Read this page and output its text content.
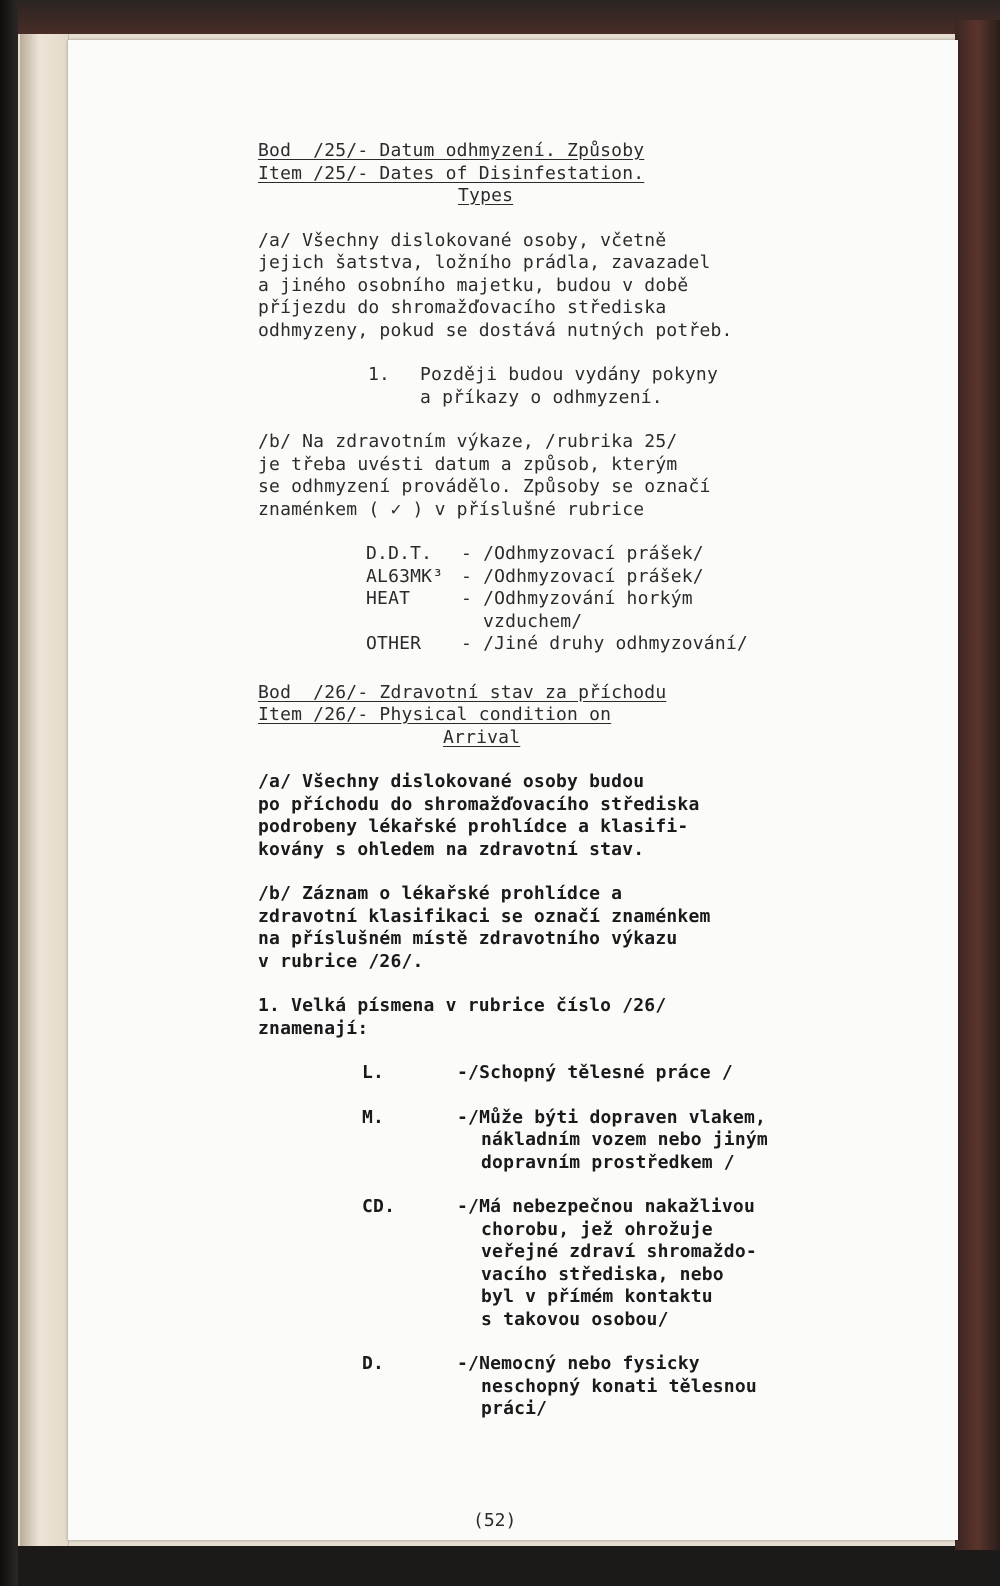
Bod  /25/- Datum odhmyzení. Způsoby
Item /25/- Dates of Disinfestation.
Types

/a/ Všechny dislokované osoby, včetně
jejich šatstva, ložního prádla, zavazadel
a jiného osobního majetku, budou v době
příjezdu do shromažďovacího střediska
odhmyzeny, pokud se dostává nutných potřeb.

1. Později budou vydány pokyny
a příkazy o odhmyzení.

/b/ Na zdravotním výkaze, /rubrika 25/
je třeba uvésti datum a způsob, kterým
se odhmyzení provádělo. Způsoby se označí
znaménkem ( ✓ ) v příslušné rubrice

D.D.T.	- /Odhmyzovací prášek/
AL63MK³ - /Odhmyzovací prášek/
HEAT	- /Odhmyzování horkým

vzduchem/
OTHER	- /Jiné druhy odhmyzování/
Bod  /26/- Zdravotní stav za příchodu
Item /26/- Physical condition on
Arrival

/a/ Všechny dislokované osoby budou
po příchodu do shromažďovacího střediska
podrobeny lékařské prohlídce a klasifi-
kovány s ohledem na zdravotní stav.

/b/ Záznam o lékařské prohlídce a
zdravotní klasifikaci se označí znaménkem
na příslušném místě zdravotního výkazu
v rubrice /26/.

1. Velká písmena v rubrice číslo /26/
znamenají:

L.	-/Schopný tělesné práce /
M.	-/Může býti dopraven vlakem,
nákladním vozem nebo jiným
dopravním prostředkem /
CD.	-/Má nebezpečnou nakažlivou
chorobu, jež ohrožuje
veřejné zdraví shromaždo-
vacího střediska, nebo
byl v přímém kontaktu
s takovou osobou/
D.	-/Nemocný nebo fysicky
neschopný konati tělesnou
práci/
(52)
